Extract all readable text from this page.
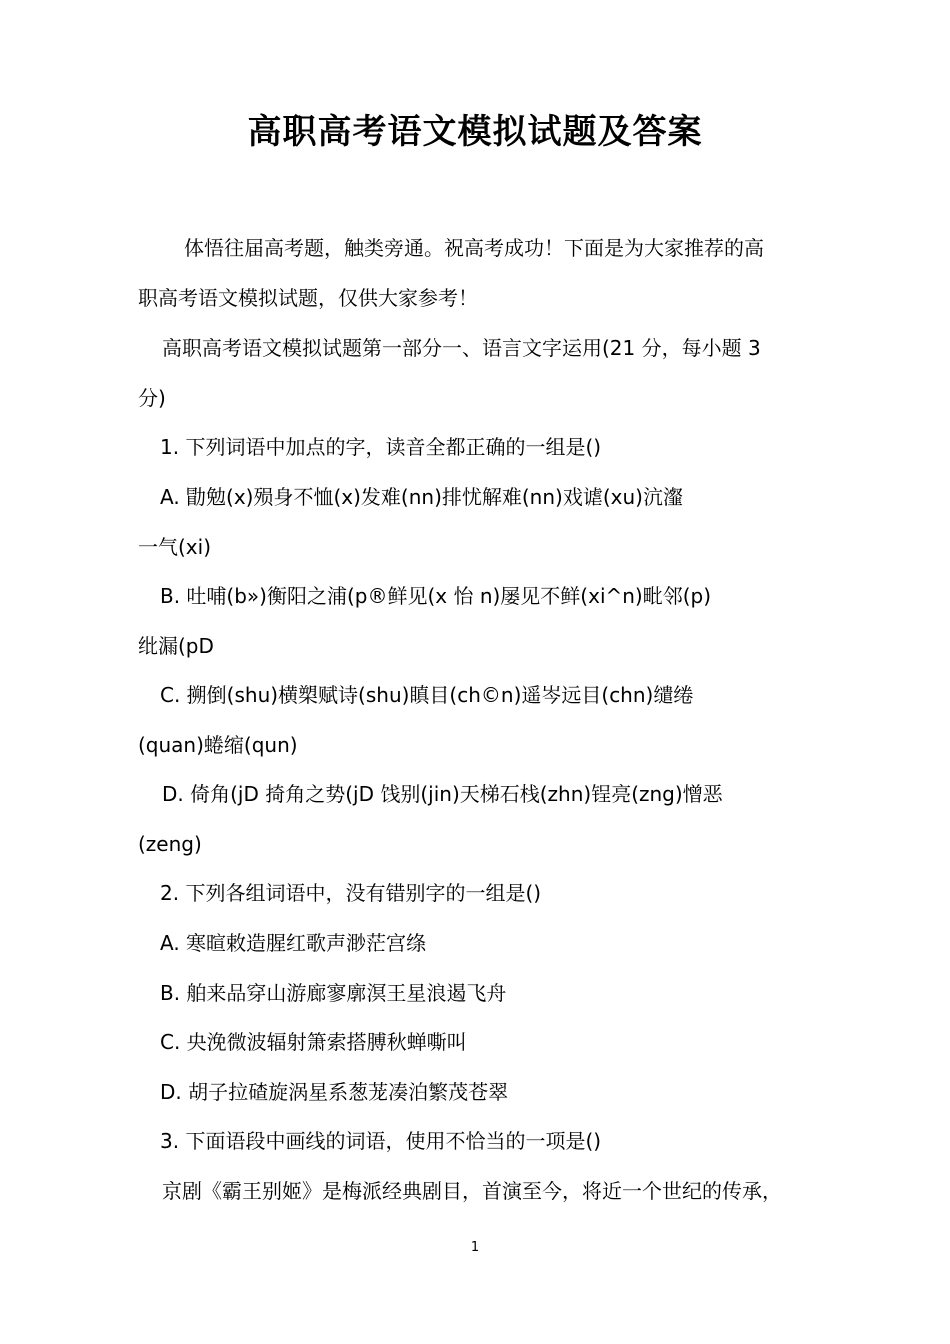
高职高考语文模拟试题及答案
体悟往届高考题，触类旁通。祝高考成功！下面是为大家推荐的高
职高考语文模拟试题，仅供大家参考！
高职高考语文模拟试题第一部分一、语言文字运用(21 分，每小题 3
分)
1. 下列词语中加点的字，读音全都正确的一组是()
A. 勖勉(x)殒身不恤(x)发难(nn)排忧解难(nn)戏谑(xu)沆瀣
一气(xi)
B. 吐哺(b»)衡阳之浦(p®鲜见(x 怡 n)屡见不鲜(xi^n)毗邻(p)
纰漏(pD
C. 搠倒(shu)横槊赋诗(shu)瞋目(ch©n)遥岑远目(chn)缱绻
(quan)蜷缩(qun)
D. 倚角(jD 掎角之势(jD 饯别(jin)天梯石栈(zhn)锃亮(zng)憎恶
(zeng)
2. 下列各组词语中，没有错别字的一组是()
A. 寒暄敕造腥红歌声渺茫宫绦
B. 舶来品穿山游廊寥廓溟王星浪遏飞舟
C. 央浼微波辐射箫索搭膊秋蝉嘶叫
D. 胡子拉碴旋涡星系葱茏凑泊繁茂苍翠
3. 下面语段中画线的词语，使用不恰当的一项是()
京剧《霸王别姬》是梅派经典剧目，首演至今，将近一个世纪的传承，
1
